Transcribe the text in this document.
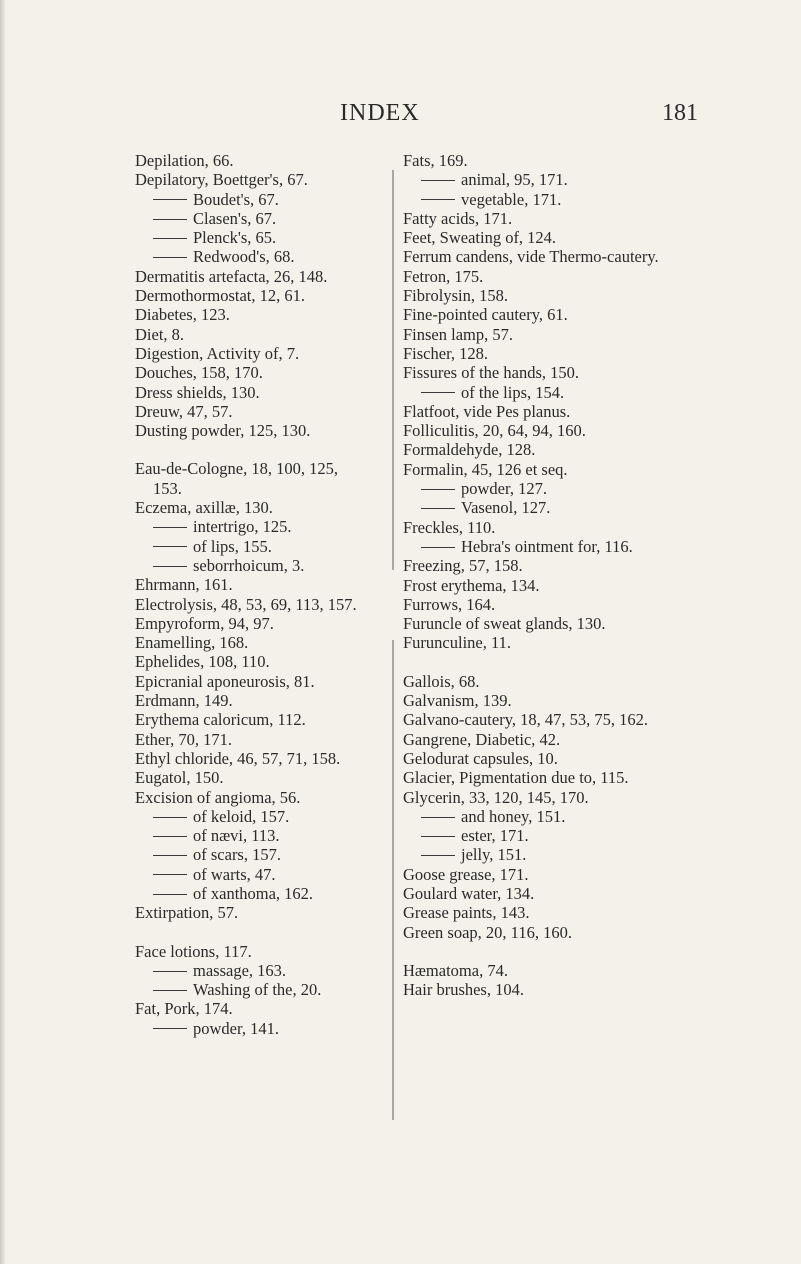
INDEX	181
Depilation, 66.
Depilatory, Boettger's, 67.
Boudet's, 67.
Clasen's, 67.
Plenck's, 65.
Redwood's, 68.
Dermatitis artefacta, 26, 148.
Dermothormostat, 12, 61.
Diabetes, 123.
Diet, 8.
Digestion, Activity of, 7.
Douches, 158, 170.
Dress shields, 130.
Dreuw, 47, 57.
Dusting powder, 125, 130.
Eau-de-Cologne, 18, 100, 125, 153.
Eczema, axillæ, 130.
intertrigo, 125.
of lips, 155.
seborrhoicum, 3.
Ehrmann, 161.
Electrolysis, 48, 53, 69, 113, 157.
Empyroform, 94, 97.
Enamelling, 168.
Ephelides, 108, 110.
Epicranial aponeurosis, 81.
Erdmann, 149.
Erythema caloricum, 112.
Ether, 70, 171.
Ethyl chloride, 46, 57, 71, 158.
Eugatol, 150.
Excision of angioma, 56.
of keloid, 157.
of nævi, 113.
of scars, 157.
of warts, 47.
of xanthoma, 162.
Extirpation, 57.
Face lotions, 117.
massage, 163.
Washing of the, 20.
Fat, Pork, 174.
powder, 141.
Fats, 169.
animal, 95, 171.
vegetable, 171.
Fatty acids, 171.
Feet, Sweating of, 124.
Ferrum candens, vide Thermo-cautery.
Fetron, 175.
Fibrolysin, 158.
Fine-pointed cautery, 61.
Finsen lamp, 57.
Fischer, 128.
Fissures of the hands, 150.
of the lips, 154.
Flatfoot, vide Pes planus.
Folliculitis, 20, 64, 94, 160.
Formaldehyde, 128.
Formalin, 45, 126 et seq.
powder, 127.
Vasenol, 127.
Freckles, 110.
Hebra's ointment for, 116.
Freezing, 57, 158.
Frost erythema, 134.
Furrows, 164.
Furuncle of sweat glands, 130.
Furunculine, 11.
Gallois, 68.
Galvanism, 139.
Galvano-cautery, 18, 47, 53, 75, 162.
Gangrene, Diabetic, 42.
Gelodurat capsules, 10.
Glacier, Pigmentation due to, 115.
Glycerin, 33, 120, 145, 170.
and honey, 151.
ester, 171.
jelly, 151.
Goose grease, 171.
Goulard water, 134.
Grease paints, 143.
Green soap, 20, 116, 160.
Hæmatoma, 74.
Hair brushes, 104.
